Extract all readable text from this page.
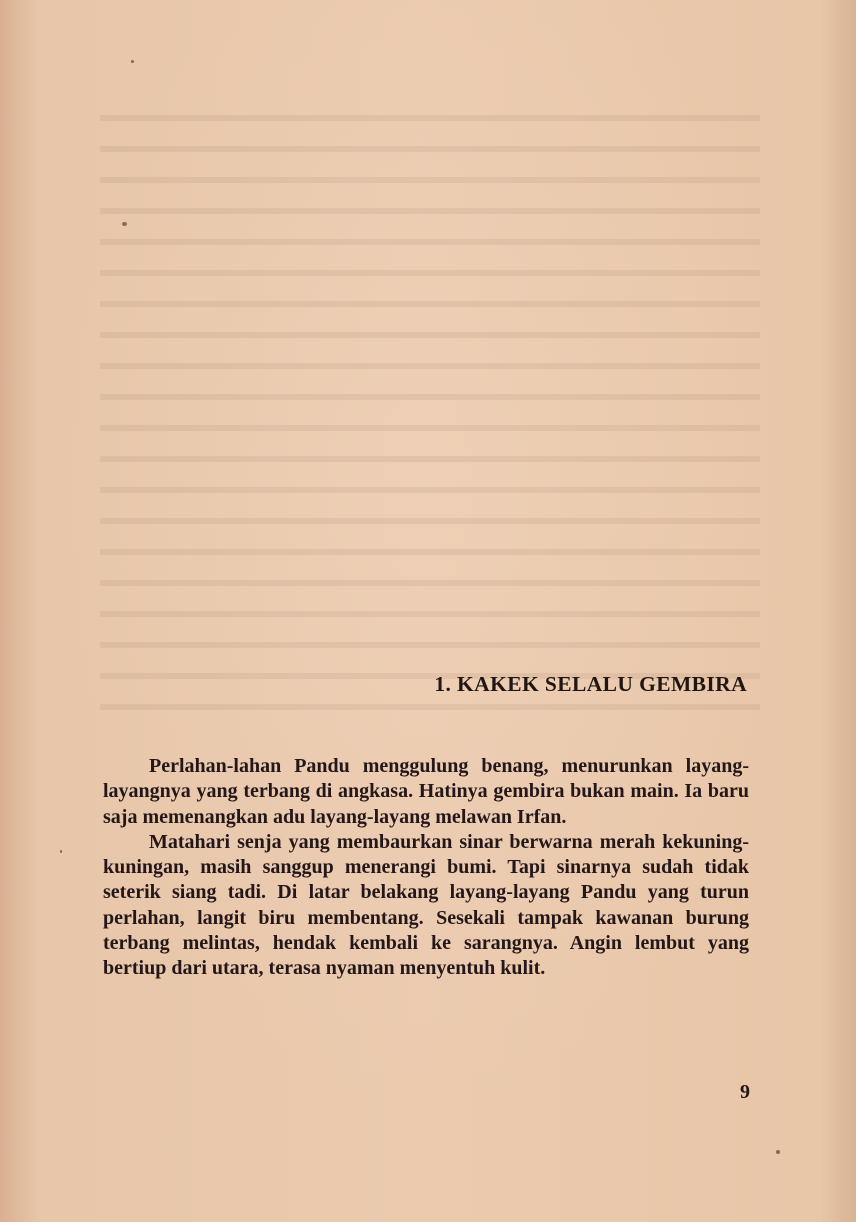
1. KAKEK SELALU GEMBIRA

Perlahan-lahan Pandu menggulung benang, menurunkan layang-layangnya yang terbang di angkasa. Hatinya gembira bukan main. Ia baru saja memenangkan adu layang-layang melawan Irfan.

Matahari senja yang membaurkan sinar berwarna merah kekuning-kuningan, masih sanggup menerangi bumi. Tapi sinarnya sudah tidak seterik siang tadi. Di latar belakang layang-layang Pandu yang turun perlahan, langit biru membentang. Sesekali tampak kawanan burung terbang melintas, hendak kembali ke sarangnya. Angin lembut yang bertiup dari utara, terasa nyaman menyentuh kulit.

9
